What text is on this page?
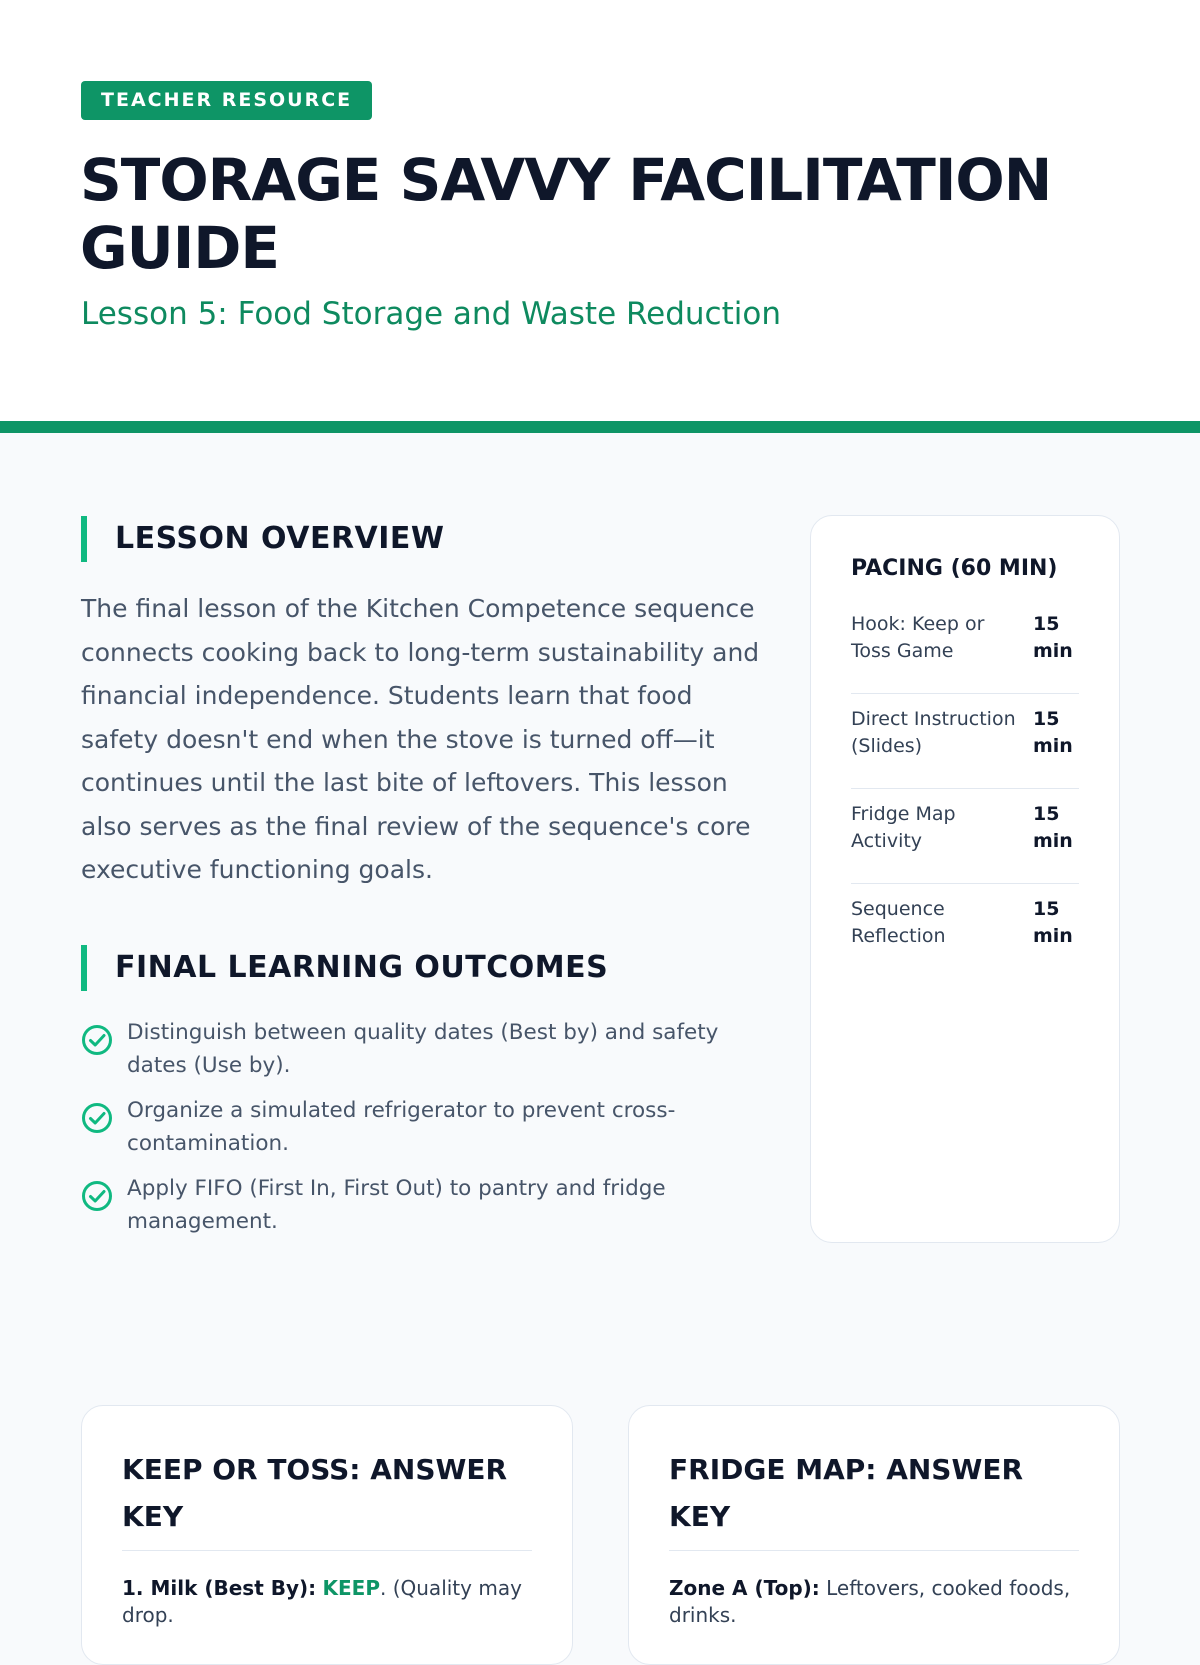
TEACHER RESOURCE
STORAGE SAVVY FACILITATION GUIDE
Lesson 5: Food Storage and Waste Reduction
LESSON OVERVIEW

The final lesson of the Kitchen Competence sequence connects cooking back to long-term sustainability and financial independence. Students learn that food safety doesn't end when the stove is turned off—it continues until the last bite of leftovers. This lesson also serves as the final review of the sequence's core executive functioning goals.

FINAL LEARNING OUTCOMES
Distinguish between quality dates (Best by) and safety dates (Use by).
Organize a simulated refrigerator to prevent cross-contamination.
Apply FIFO (First In, First Out) to pantry and fridge management.
PACING (60 MIN)
Hook: Keep or Toss Game
15 min
Direct Instruction (Slides)
15 min
Fridge Map Activity
15 min
Sequence Reflection
15 min
KEEP OR TOSS: ANSWER KEY

1. Milk (Best By): KEEP. (Quality may drop.

FRIDGE MAP: ANSWER KEY

Zone A (Top): Leftovers, cooked foods, drinks.
